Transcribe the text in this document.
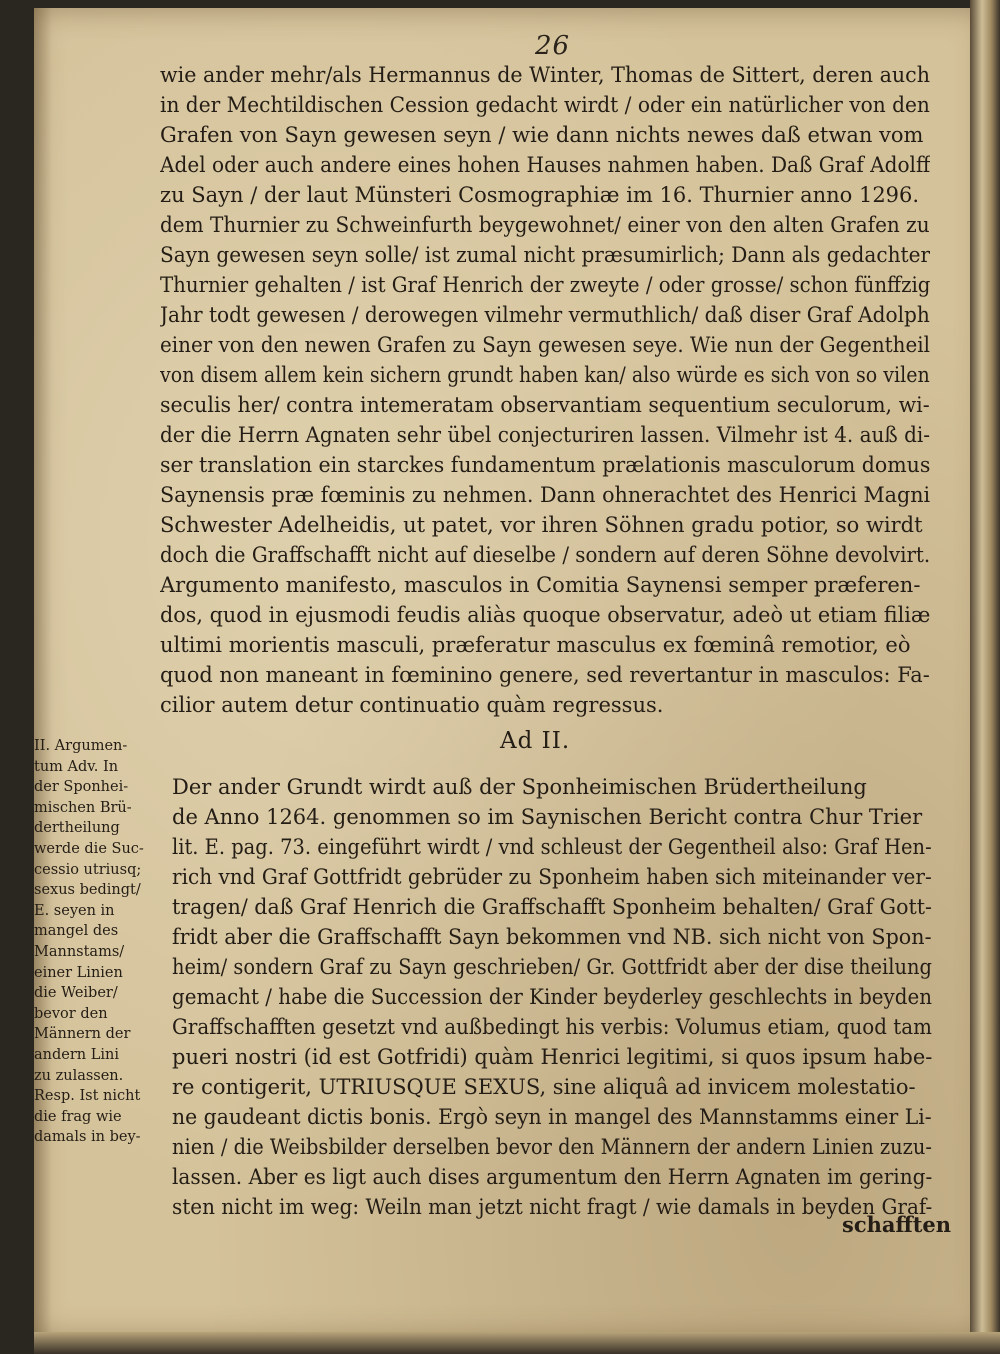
26
wie ander mehr/als Hermannus de Winter, Thomas de Sittert, deren auch
in der Mechtildischen Cession gedacht wirdt / oder ein natürlicher von den
Grafen von Sayn gewesen seyn / wie dann nichts newes daß etwan vom
Adel oder auch andere eines hohen Hauses nahmen haben. Daß Graf Adolff
zu Sayn / der laut Münsteri Cosmographiæ im 16. Thurnier anno 1296.
dem Thurnier zu Schweinfurth beygewohnet/ einer von den alten Grafen zu
Sayn gewesen seyn solle/ ist zumal nicht præsumirlich; Dann als gedachter
Thurnier gehalten / ist Graf Henrich der zweyte / oder grosse/ schon fünffzig
Jahr todt gewesen / derowegen vilmehr vermuthlich/ daß diser Graf Adolph
einer von den newen Grafen zu Sayn gewesen seye. Wie nun der Gegentheil
von disem allem kein sichern grundt haben kan/ also würde es sich von so vilen
seculis her/ contra intemeratam observantiam sequentium seculorum, wi-
der die Herrn Agnaten sehr übel conjecturiren lassen. Vilmehr ist 4. auß di-
ser translation ein starckes fundamentum prælationis masculorum domus
Saynensis præ fœminis zu nehmen. Dann ohnerachtet des Henrici Magni
Schwester Adelheidis, ut patet, vor ihren Söhnen gradu potior, so wirdt
doch die Graffschafft nicht auf dieselbe / sondern auf deren Söhne devolvirt.
Argumento manifesto, masculos in Comitia Saynensi semper præferen-
dos, quod in ejusmodi feudis aliàs quoque observatur, adeò ut etiam filiæ
ultimi morientis masculi, præferatur masculus ex fœminâ remotior, eò
quod non maneant in fœminino genere, sed revertantur in masculos: Fa-
cilior autem detur continuatio quàm regressus.
Ad II.
Der ander Grundt wirdt auß der Sponheimischen Brüdertheilung
de Anno 1264. genommen so im Saynischen Bericht contra Chur Trier
lit. E. pag. 73. eingeführt wirdt / vnd schleust der Gegentheil also: Graf Hen-
rich vnd Graf Gottfridt gebrüder zu Sponheim haben sich miteinander ver-
tragen/ daß Graf Henrich die Graffschafft Sponheim behalten/ Graf Gott-
fridt aber die Graffschafft Sayn bekommen vnd NB. sich nicht von Spon-
heim/ sondern Graf zu Sayn geschrieben/ Gr. Gottfridt aber der dise theilung
gemacht / habe die Succession der Kinder beyderley geschlechts in beyden
Graffschafften gesetzt vnd außbedingt his verbis: Volumus etiam, quod tam
pueri nostri (id est Gotfridi) quàm Henrici legitimi, si quos ipsum habe-
re contigerit, UTRIUSQUE SEXUS, sine aliquâ ad invicem molestatio-
ne gaudeant dictis bonis. Ergò seyn in mangel des Mannstamms einer Li-
nien / die Weibsbilder derselben bevor den Männern der andern Linien zuzu-
lassen. Aber es ligt auch dises argumentum den Herrn Agnaten im gering-
sten nicht im weg: Weiln man jetzt nicht fragt / wie damals in beyden Graf-
schafften
II. Argumen-
tum Adv. In
der Sponhei-
mischen Brü-
dertheilung
werde die Suc-
cessio utriusq;
sexus bedingt/
E. seyen in
mangel des
Mannstams/
einer Linien
die Weiber/
bevor den
Männern der
andern Lini
zu zulassen.
Resp. Ist nicht
die frag wie
damals in bey-
